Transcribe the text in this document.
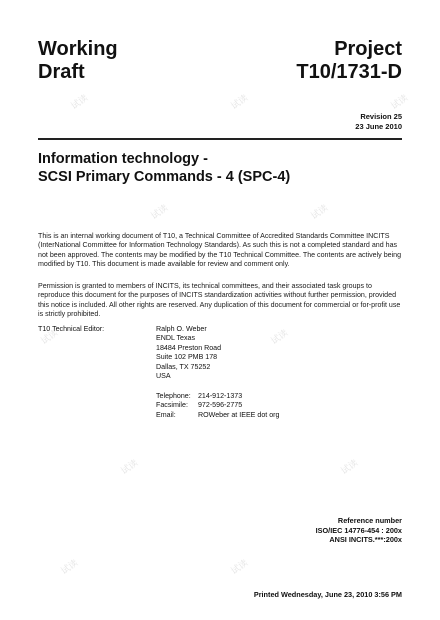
Working
Draft
Project
T10/1731-D
Revision 25
23 June 2010
Information technology -
SCSI Primary Commands - 4 (SPC-4)
This is an internal working document of T10, a Technical Committee of Accredited Standards Committee INCITS (InterNational Committee for Information Technology Standards). As such this is not a completed standard and has not been approved. The contents may be modified by the T10 Technical Committee. The contents are actively being modified by T10. This document is made available for review and comment only.
Permission is granted to members of INCITS, its technical committees, and their associated task groups to reproduce this document for the purposes of INCITS standardization activities without further permission, provided this notice is included. All other rights are reserved. Any duplication of this document for commercial or for-profit use is strictly prohibited.
T10 Technical Editor:	Ralph O. Weber
ENDL Texas
18484 Preston Road
Suite 102 PMB 178
Dallas, TX 75252
USA
Telephone: 214-912-1373
Facsimile: 972-596-2775
Email:	ROWeber at IEEE dot org
Reference number
ISO/IEC 14776-454 : 200x
ANSI INCITS.***:200x
Printed Wednesday, June 23, 2010 3:56 PM
试读	试读	试读
试读	试读
试读	试读
试读	试读
试读	试读
